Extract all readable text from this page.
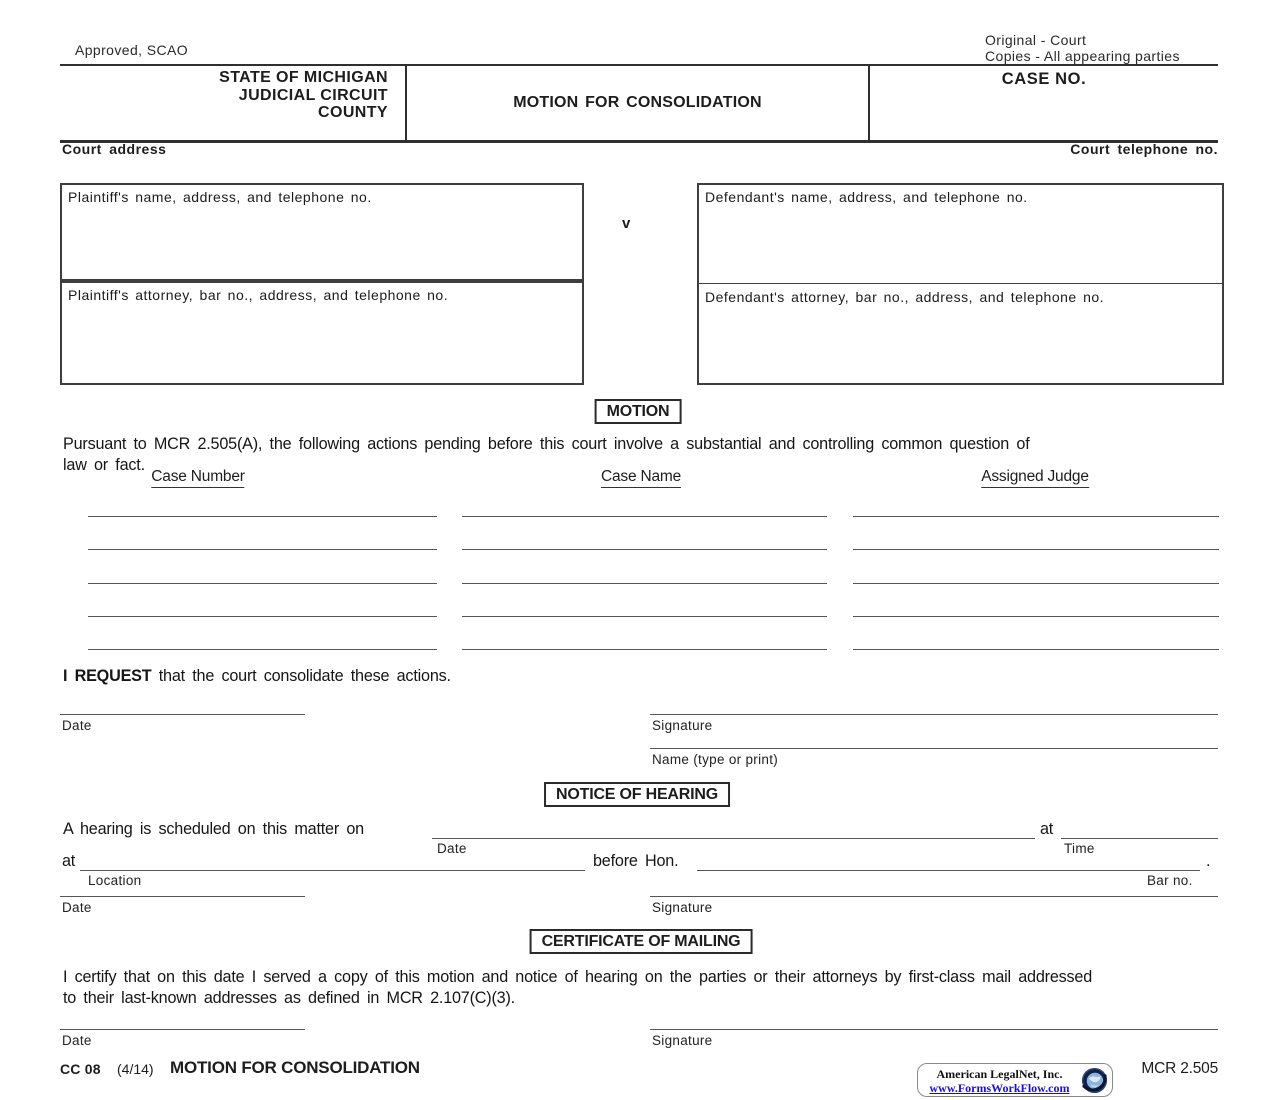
Approved, SCAO
Original - Court
Copies - All appearing parties
STATE OF MICHIGAN
JUDICIAL CIRCUIT
COUNTY
MOTION FOR CONSOLIDATION
CASE NO.
Court address	Court telephone no.
Plaintiff's name, address, and telephone no.
Plaintiff's attorney, bar no., address, and telephone no.
v
Defendant's name, address, and telephone no.
Defendant's attorney, bar no., address, and telephone no.
MOTION
Pursuant to MCR 2.505(A), the following actions pending before this court involve a substantial and controlling common question of
law or fact.
Case Number	Case Name	Assigned Judge
I REQUEST that the court consolidate these actions.
Date	Signature
Name (type or print)
NOTICE OF HEARING
A hearing is scheduled on this matter on
Date
at
Time
at
Location
before Hon.	.
Bar no.
Date	Signature
CERTIFICATE OF MAILING
I certify that on this date I served a copy of this motion and notice of hearing on the parties or their attorneys by first-class mail addressed
to their last-known addresses as defined in MCR 2.107(C)(3).
Date	Signature
CC 08 (4/14) MOTION FOR CONSOLIDATION	MCR 2.505
American LegalNet, Inc.
www.FormsWorkFlow.com
